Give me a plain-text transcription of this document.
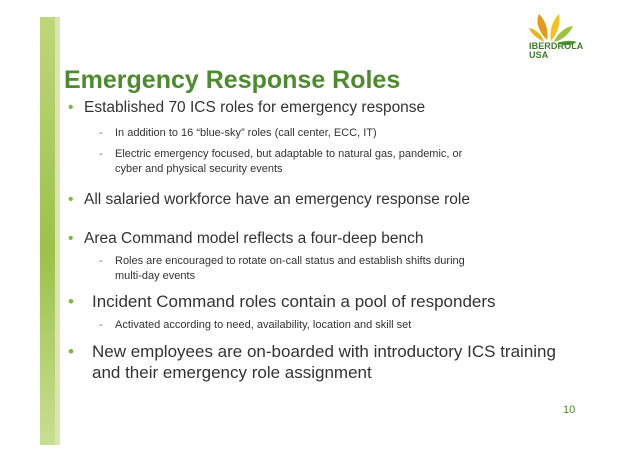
IBERDROLA
USA
Emergency Response Roles
• Established 70 ICS roles for emergency response
- In addition to 16 “blue-sky” roles (call center, ECC, IT)
- Electric emergency focused, but adaptable to natural gas, pandemic, or
cyber and physical security events
• All salaried workforce have an emergency response role
• Area Command model reflects a four-deep bench
- Roles are encouraged to rotate on-call status and establish shifts during
multi-day events
• Incident Command roles contain a pool of responders
- Activated according to need, availability, location and skill set
• New employees are on-boarded with introductory ICS training
and their emergency role assignment
10
